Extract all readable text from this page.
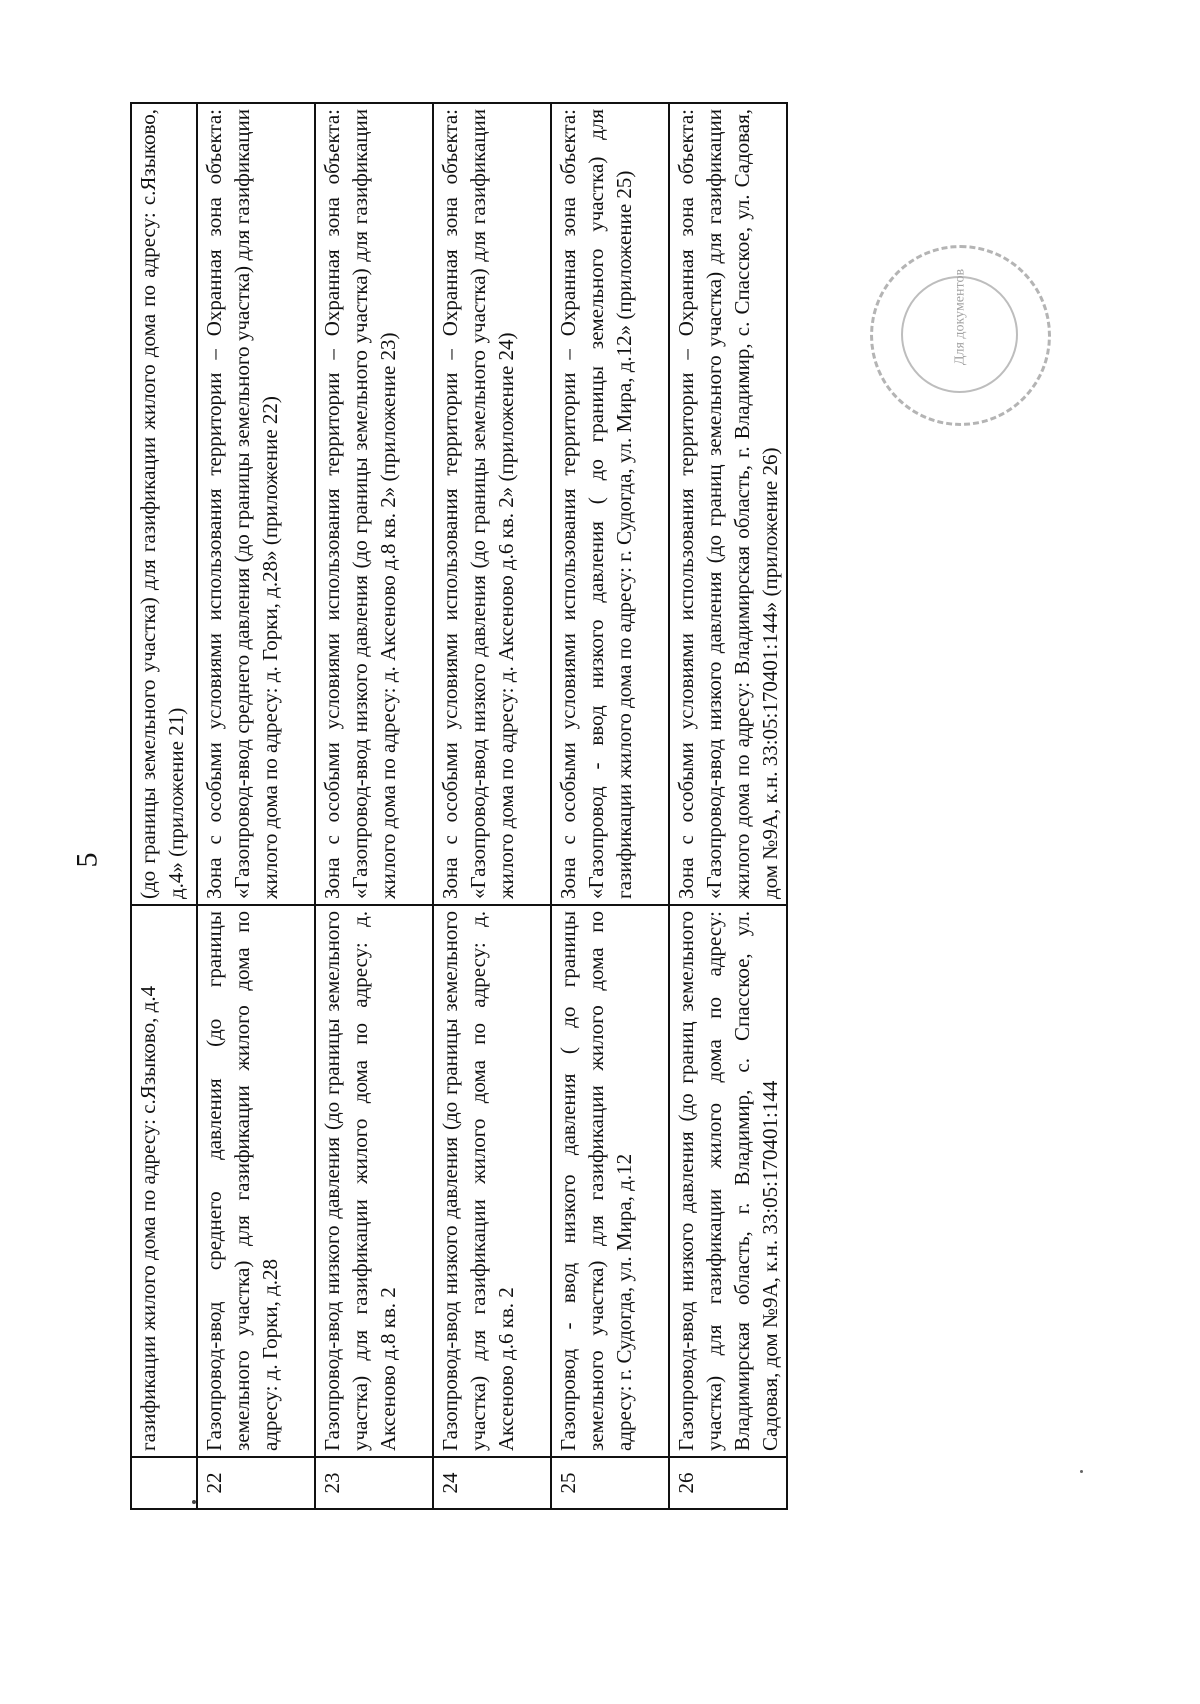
5
	газификации жилого дома по адресу: с.Языково, д.4	(до границы земельного участка) для газификации жилого дома по адресу: с.Языково, д.4» (приложение 21)
22	Газопровод-ввод среднего давления (до границы земельного участка) для газификации жилого дома по адресу: д. Горки, д.28	Зона с особыми условиями использования территории – Охранная зона объекта: «Газопровод-ввод среднего давления (до границы земельного участка) для газификации жилого дома по адресу: д. Горки, д.28» (приложение 22)
23	Газопровод-ввод низкого давления (до границы земельного участка) для газификации жилого дома по адресу: д. Аксеново д.8 кв. 2	Зона с особыми условиями использования территории – Охранная зона объекта: «Газопровод-ввод низкого давления (до границы земельного участка) для газификации жилого дома по адресу: д. Аксеново д.8 кв. 2» (приложение 23)
24	Газопровод-ввод низкого давления (до границы земельного участка) для газификации жилого дома по адресу: д. Аксеново д.6 кв. 2	Зона с особыми условиями использования территории – Охранная зона объекта: «Газопровод-ввод низкого давления (до границы земельного участка) для газификации жилого дома по адресу: д. Аксеново д.6 кв. 2» (приложение 24)
25	Газопровод - ввод низкого давления ( до границы земельного участка) для газификации жилого дома по адресу: г. Судогда, ул. Мира, д.12	Зона с особыми условиями использования территории – Охранная зона объекта: «Газопровод - ввод низкого давления ( до границы земельного участка) для газификации жилого дома по адресу: г. Судогда, ул. Мира, д.12» (приложение 25)
26	Газопровод-ввод низкого давления (до границ земельного участка) для газификации жилого дома по адресу: Владимирская область, г. Владимир, с. Спасское, ул. Садовая, дом №9А, к.н. 33:05:170401:144	Зона с особыми условиями использования территории – Охранная зона объекта: «Газопровод-ввод низкого давления (до границ земельного участка) для газификации жилого дома по адресу: Владимирская область, г. Владимир, с. Спасское, ул. Садовая, дом №9А, к.н. 33:05:170401:144» (приложение 26)
Для документов
